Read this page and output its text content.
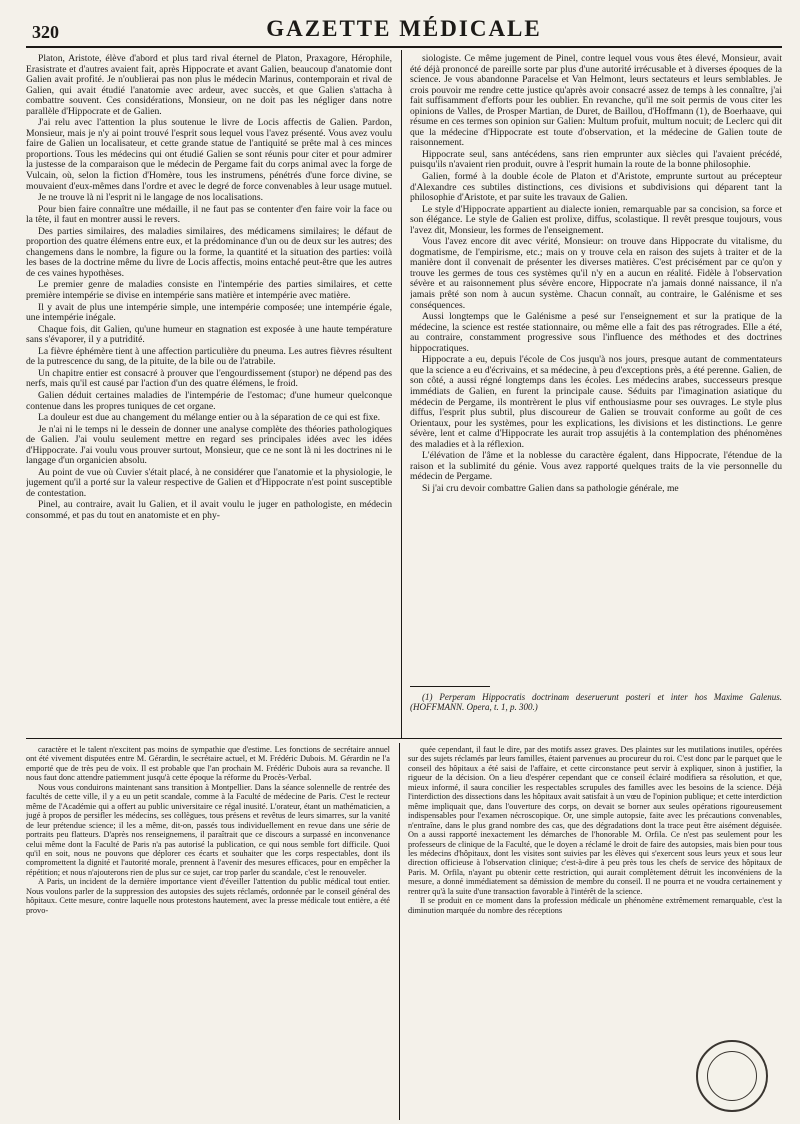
320	GAZETTE MÉDICALE

Platon, Aristote, élève d'abord et plus tard rival éternel de Platon, Praxagore, Hérophile, Erasistrate et d'autres avaient fait, après Hippocrate et avant Galien, beaucoup d'anatomie dont Galien avait profité. Je n'oublierai pas non plus le médecin Marinus, contemporain et rival de Galien, qui avait étudié l'anatomie avec ardeur, avec succès, et que Galien s'attacha à combattre souvent. Ces considérations, Monsieur, on ne doit pas les négliger dans notre parallèle d'Hippocrate et de Galien.

J'ai relu avec l'attention la plus soutenue le livre de Locis affectis de Galien. Pardon, Monsieur, mais je n'y ai point trouvé l'esprit sous lequel vous l'avez présenté. Vous avez voulu faire de Galien un localisateur, et cette grande statue de l'antiquité se prête mal à ces minces proportions. Tous les médecins qui ont étudié Galien se sont réunis pour citer et pour admirer la justesse de la comparaison que le médecin de Pergame fait du corps animal avec la forge de Vulcain, où, selon la fiction d'Homère, tous les instrumens, pénétrés d'une force divine, se mouvaient d'eux-mêmes dans l'ordre et avec le degré de force convenables à leur usage mutuel.

Je ne trouve là ni l'esprit ni le langage de nos localisations.

Pour bien faire connaître une médaille, il ne faut pas se contenter d'en faire voir la face ou la tête, il faut en montrer aussi le revers.

Des parties similaires, des maladies similaires, des médicamens similaires; le défaut de proportion des quatre élémens entre eux, et la prédominance d'un ou de deux sur les autres; des changemens dans le nombre, la figure ou la forme, la quantité et la situation des parties: voilà les bases de la doctrine même du livre de Locis affectis, moins entaché peut-être que les autres de ces vaines hypothèses.

Le premier genre de maladies consiste en l'intempérie des parties similaires, et cette première intempérie se divise en intempérie sans matière et intempérie avec matière.

Il y avait de plus une intempérie simple, une intempérie composée; une intempérie égale, une intempérie inégale.

Chaque fois, dit Galien, qu'une humeur en stagnation est exposée à une haute température sans s'évaporer, il y a putridité.

La fièvre éphémère tient à une affection particulière du pneuma. Les autres fièvres résultent de la putrescence du sang, de la pituite, de la bile ou de l'atrabile.

Un chapitre entier est consacré à prouver que l'engourdissement (stupor) ne dépend pas des nerfs, mais qu'il est causé par l'action d'un des quatre élémens, le froid.

Galien déduit certaines maladies de l'intempérie de l'estomac; d'une humeur quelconque contenue dans les propres tuniques de cet organe.

La douleur est due au changement du mélange entier ou à la séparation de ce qui est fixe.

Je n'ai ni le temps ni le dessein de donner une analyse complète des théories pathologiques de Galien. J'ai voulu seulement mettre en regard ses principales idées avec les idées d'Hippocrate. J'ai voulu vous prouver surtout, Monsieur, que ce ne sont là ni les doctrines ni le langage d'un organicien absolu.

Au point de vue où Cuvier s'était placé, à ne considérer que l'anatomie et la physiologie, le jugement qu'il a porté sur la valeur respective de Galien et d'Hippocrate n'est point susceptible de contestation.

Pinel, au contraire, avait lu Galien, et il avait voulu le juger en pathologiste, en médecin consommé, et pas du tout en anatomiste et en phy-

siologiste. Ce même jugement de Pinel, contre lequel vous vous êtes élevé, Monsieur, avait été déjà prononcé de pareille sorte par plus d'une autorité irrécusable et à diverses époques de la science. Je vous abandonne Paracelse et Van Helmont, leurs sectateurs et leurs semblables. Je crois pouvoir me rendre cette justice qu'après avoir consacré assez de temps à les connaître, j'ai fait suffisamment d'efforts pour les oublier. En revanche, qu'il me soit permis de vous citer les opinions de Valles, de Prosper Martian, de Duret, de Baillou, d'Hoffmann (1), de Boerhaave, qui résume en ces termes son opinion sur Galien: Multum profuit, multum nocuit; de Leclerc qui dit que la médecine d'Hippocrate est toute d'observation, et la médecine de Galien toute de raisonnement.

Hippocrate seul, sans antécédens, sans rien emprunter aux siècles qui l'avaient précédé, puisqu'ils n'avaient rien produit, ouvre à l'esprit humain la route de la bonne philosophie.

Galien, formé à la double école de Platon et d'Aristote, emprunte surtout au précepteur d'Alexandre ces subtiles distinctions, ces divisions et subdivisions qui déparent tant la philosophie d'Aristote, et par suite les travaux de Galien.

Le style d'Hippocrate appartient au dialecte ionien, remarquable par sa concision, sa force et son élégance. Le style de Galien est prolixe, diffus, scolastique. Il revêt presque toujours, vous l'avez dit, Monsieur, les formes de l'enseignement.

Vous l'avez encore dit avec vérité, Monsieur: on trouve dans Hippocrate du vitalisme, du dogmatisme, de l'empirisme, etc.; mais on y trouve cela en raison des sujets à traiter et de la manière dont il convenait de présenter les diverses matières. C'est précisément par ce qu'on y trouve les germes de tous ces systèmes qu'il n'y en a aucun en réalité. Fidèle à l'observation sévère et au raisonnement plus sévère encore, Hippocrate n'a jamais donné naissance, il n'a jamais prêté son nom à aucun système. Chacun connaît, au contraire, le Galénisme et ses conséquences.

Aussi longtemps que le Galénisme a pesé sur l'enseignement et sur la pratique de la médecine, la science est restée stationnaire, ou même elle a fait des pas rétrogrades. Elle a été, au contraire, constamment progressive sous l'influence des méthodes et des doctrines hippocratiques.

Hippocrate a eu, depuis l'école de Cos jusqu'à nos jours, presque autant de commentateurs que la science a eu d'écrivains, et sa médecine, à peu d'exceptions près, a été perenne. Galien, de son côté, a aussi régné longtemps dans les écoles. Les médecins arabes, successeurs presque immédiats de Galien, en furent la principale cause. Séduits par l'imagination asiatique du médecin de Pergame, ils montrèrent le plus vif enthousiasme pour ses ouvrages. Le style plus diffus, l'esprit plus subtil, plus discoureur de Galien se trouvait conforme au goût de ces Orientaux, pour les systèmes, pour les explications, les divisions et les distinctions. Le genre sévère, lent et calme d'Hippocrate les aurait trop assujétis à la contemplation des phénomènes des maladies et à la réflexion.

L'élévation de l'âme et la noblesse du caractère égalent, dans Hippocrate, l'étendue de la raison et la sublimité du génie. Vous avez rapporté quelques traits de la vie personnelle du médecin de Pergame.

Si j'ai cru devoir combattre Galien dans sa pathologie générale, me

(1) Perperam Hippocratis doctrinam deseruerunt posteri et inter hos Maxime Galenus. (HOFFMANN. Opera, t. 1, p. 300.)

caractère et le talent n'excitent pas moins de sympathie que d'estime. Les fonctions de secrétaire annuel ont été vivement disputées entre M. Gérardin, le secrétaire actuel, et M. Frédéric Dubois. M. Gérardin ne l'a emporté que de très peu de voix. Il est probable que l'an prochain M. Frédéric Dubois aura sa revanche. Il nous faut donc attendre patiemment jusqu'à cette époque la réforme du Procès-Verbal.

Nous vous conduirons maintenant sans transition à Montpellier. Dans la séance solennelle de rentrée des facultés de cette ville, il y a eu un petit scandale, comme à la Faculté de médecine de Paris. C'est le recteur même de l'Académie qui a offert au public universitaire ce régal inusité. L'orateur, étant un mathématicien, a jugé à propos de persifler les médecins, ses collègues, tous présens et revêtus de leurs simarres, sur la vanité de leur prétendue science; il les a même, dit-on, passés tous individuellement en revue dans une série de portraits peu flatteurs. D'après nos renseignemens, il paraîtrait que ce discours a surpassé en inconvenance celui même dont la Faculté de Paris n'a pas autorisé la publication, ce qui nous semble fort difficile. Quoi qu'il en soit, nous ne pouvons que déplorer ces écarts et souhaiter que les corps respectables, dont ils compromettent la dignité et l'autorité morale, prennent à l'avenir des mesures efficaces, pour en empêcher la répétition; et nous n'ajouterons rien de plus sur ce sujet, car trop parler du scandale, c'est le renouveler.

A Paris, un incident de la dernière importance vient d'éveiller l'attention du public médical tout entier. Nous voulons parler de la suppression des autopsies des sujets réclamés, ordonnée par le conseil général des hôpitaux. Cette mesure, contre laquelle nous protestons hautement, avec la presse médicale tout entière, a été provo-

quée cependant, il faut le dire, par des motifs assez graves. Des plaintes sur les mutilations inutiles, opérées sur des sujets réclamés par leurs familles, étaient parvenues au procureur du roi. C'est donc par le parquet que le conseil des hôpitaux a été saisi de l'affaire, et cette circonstance peut servir à expliquer, sinon à justifier, la rigueur de la décision. On a lieu d'espérer cependant que ce conseil éclairé modifiera sa résolution, et que, mieux informé, il saura concilier les respectables scrupules des familles avec les besoins de la science. Déjà l'interdiction des dissections dans les hôpitaux avait satisfait à un vœu de l'opinion publique; et cette interdiction même impliquait que, dans l'ouverture des corps, on devait se borner aux seules opérations rigoureusement indispensables pour l'examen nécroscopique. Or, une simple autopsie, faite avec les précautions convenables, n'entraîne, dans le plus grand nombre des cas, que des dégradations dont la trace peut être aisément déguisée. On a aussi rapporté inexactement les démarches de l'honorable M. Orfila. Ce n'est pas seulement pour les professeurs de clinique de la Faculté, que le doyen a réclamé le droit de faire des autopsies, mais bien pour tous les médecins d'hôpitaux, dont les visites sont suivies par les élèves qui s'exercent sous leurs yeux et sous leur direction officieuse à l'observation clinique; c'est-à-dire à peu près tous les chefs de service des hôpitaux de Paris. M. Orfila, n'ayant pu obtenir cette restriction, qui aurait complètement détruit les inconvéniens de la mesure, a donné immédiatement sa démission de membre du conseil. Il ne pourra et ne voudra certainement y rentrer qu'à la suite d'une transaction favorable à l'intérêt de la science.

Il se produit en ce moment dans la profession médicale un phénomène extrêmement remarquable, c'est la diminution marquée du nombre des réceptions
